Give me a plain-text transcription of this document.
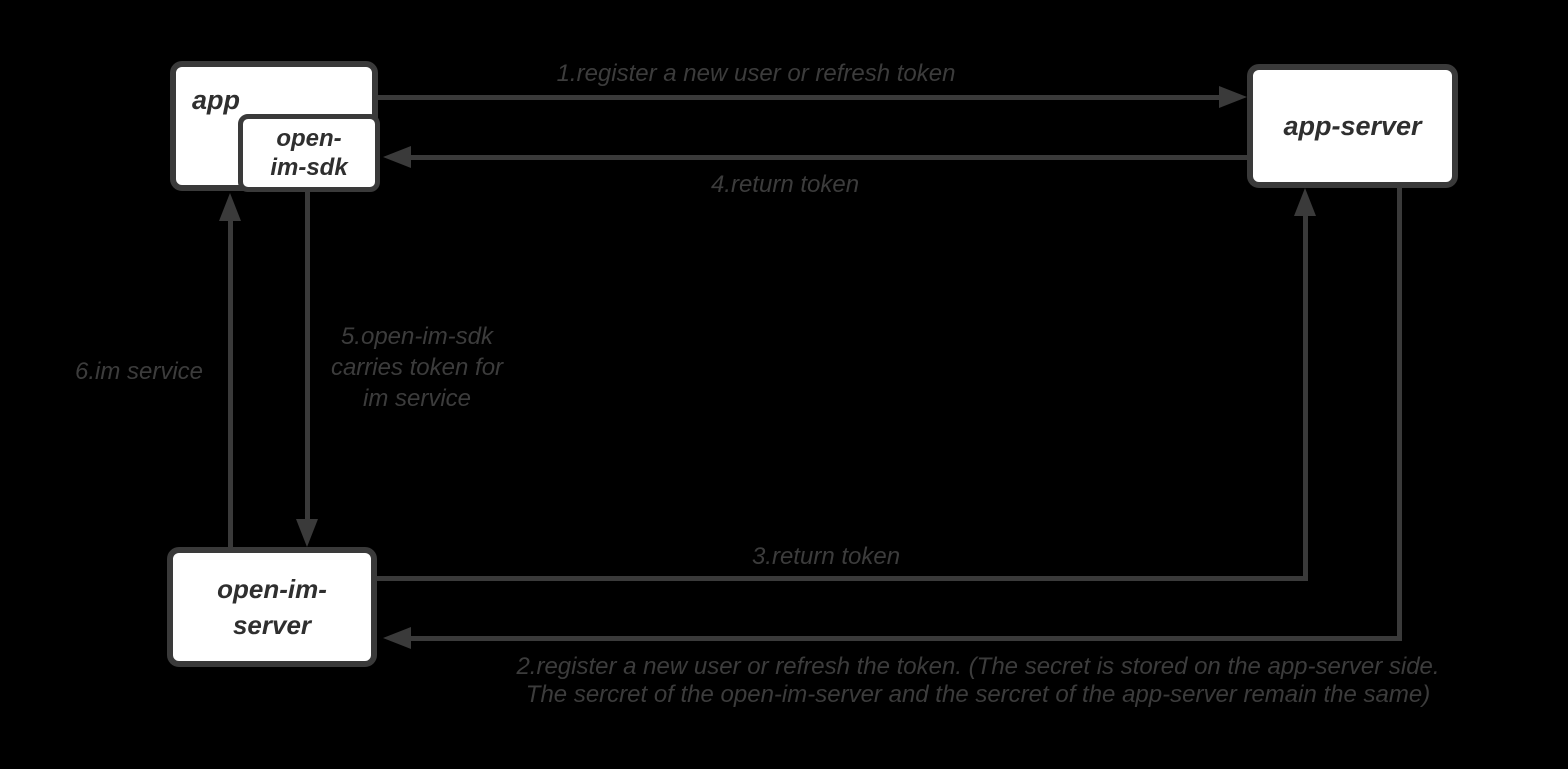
1.register a new user or refresh token
4.return token
5.open-im-sdk
carries token for
im service
6.im service
3.return token
2.register a new user or refresh the token. (The secret is stored on the app-server side.
The sercret of the open-im-server and the sercret of the app-server remain the same)
app
open-
im-sdk
app-server
open-im-
server
